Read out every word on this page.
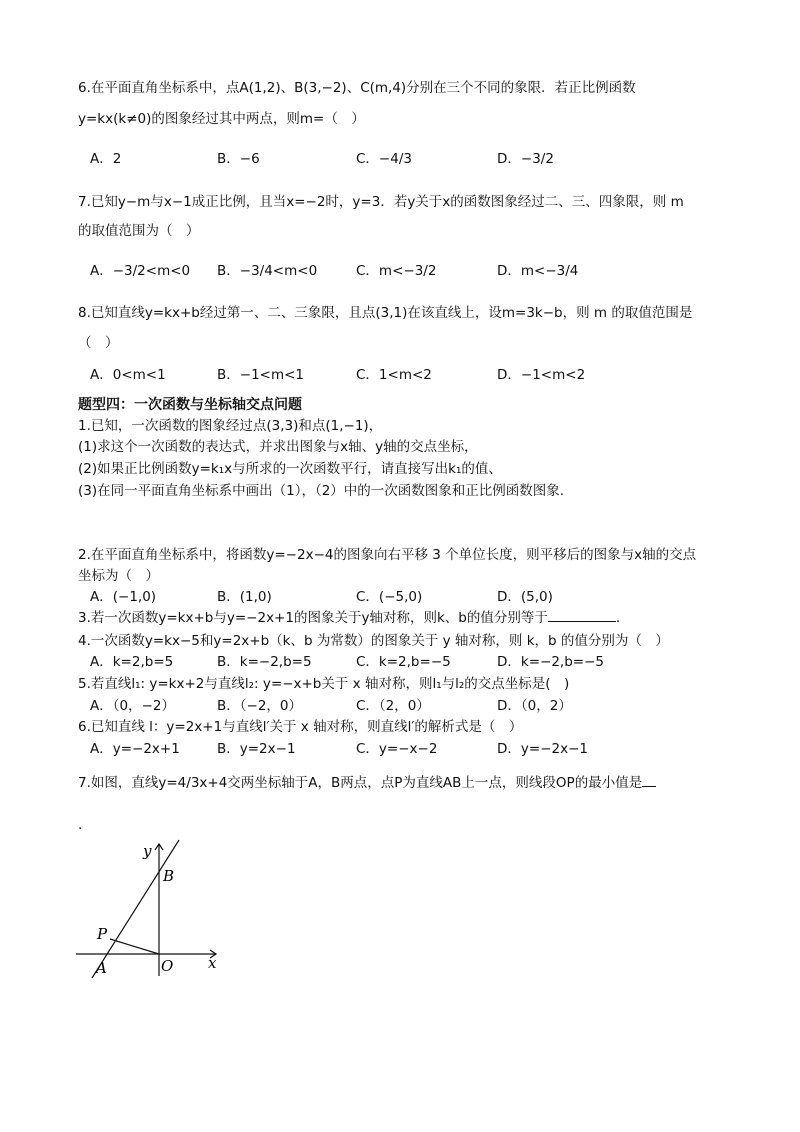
6.在平面直角坐标系中，点A(1,2)、B(3,−2)、C(m,4)分别在三个不同的象限．若正比例函数
y=kx(k≠0)的图象经过其中两点，则m=（　）
A．2	B．−6	C．−4/3	D．−3/2
7.已知y−m与x−1成正比例，且当x=−2时，y=3．若y关于x的函数图象经过二、三、四象限，则 m
的取值范围为（　）
A．−3/2<m<0 B．−3/4<m<0	C．m<−3/2	D．m<−3/4
8.已知直线y=kx+b经过第一、二、三象限，且点(3,1)在该直线上，设m=3k−b，则 m 的取值范围是
（　）
A．0<m<1	B．−1<m<1	C．1<m<2	D．−1<m<2
题型四：一次函数与坐标轴交点问题
1.已知，一次函数的图象经过点(3,3)和点(1,−1)，
(1)求这个一次函数的表达式，并求出图象与x轴、y轴的交点坐标，
(2)如果正比例函数y=k₁x与所求的一次函数平行，请直接写出k₁的值、
(3)在同一平面直角坐标系中画出（1），（2）中的一次函数图象和正比例函数图象.
2.在平面直角坐标系中，将函数y=−2x−4的图象向右平移 3 个单位长度，则平移后的图象与x轴的交点
坐标为（　）
A．(−1,0)	B．(1,0)	C．(−5,0)	D．(5,0)
3.若一次函数y=kx+b与y=−2x+1的图象关于y轴对称，则k、b的值分别等于	.
4.一次函数y=kx−5和y=2x+b（k、b 为常数）的图象关于 y 轴对称，则 k，b 的值分别为（　）
A．k=2,b=5	B．k=−2,b=5	C．k=2,b=−5	D．k=−2,b=−5
5.若直线l₁: y=kx+2与直线l₂: y=−x+b关于 x 轴对称，则l₁与l₂的交点坐标是(　)
A．（0，−2）	B．（−2，0）	C．（2，0）	D．（0，2）
6.已知直线 l：y=2x+1与直线l′关于 x 轴对称，则直线l′的解析式是（　）
A．y=−2x+1	B．y=2x−1	C．y=−x−2	D．y=−2x−1
7.如图，直线y=4/3x+4交两坐标轴于A，B两点，点P为直线AB上一点，则线段OP的最小值是
.
y
x
B
P
A	O
